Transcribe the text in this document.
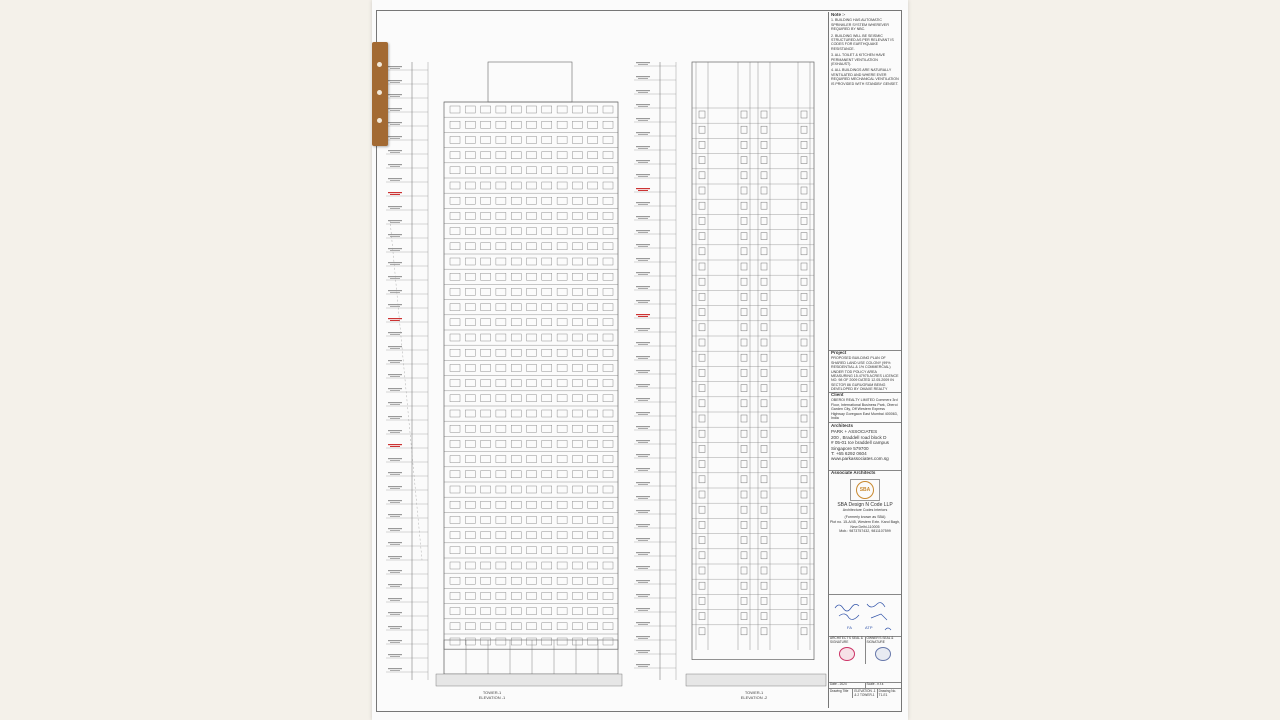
TOWER-1
ELEVATION -1
TOWER-1
ELEVATION -2
Note :-
1. BUILDING HAS AUTOMATIC SPRINKLER SYSTEM WHEREVER REQUIRED BY NBC.
2. BUILDING WILL BE SEISMIC STRUCTURED AS PER RELEVANT IS CODES FOR EARTHQUAKE RESISTANCE.
3. ALL TOILET & KITCHEN HAVE PERMANENT VENTILATION (EXHAUST).
4. ALL BUILDINGS ARE NATURALLY VENTILATED AND WHERE EVER REQUIRED MECHANICAL VENTILATION IS PROVIDED WITH STANDBY GENSET.
Project
PROPOSED BUILDING PLAN OF SHARED LAND USE COLONY (99% RESIDENTIAL & 1% COMMERCIAL) UNDER TOD POLICY AREA MEASURING 15.47975 ACRES LICENCE NO. 98 OF 2009 DATED 12.05.2009 IN SECTOR 86 GURUGRAM BEING DEVELOPED BY OMAXE REALTY
Client
OBEROI REALTY LIMITED Commerz 3rd Floor, International Business Park, Oberoi Garden City, Off Western Express Highway Goregaon East Mumbai 400063, India
Architects
PARK + ASSOCIATES
200 , Braddell road block D
# 05-01 Ice braddell campus
Singapore 579700
T: +65 6292 0604
www.parkassociates.com.sg
Associate Architects
SBA
SBA Design N Code LLP
Architecture Codes Interiors
(Formerly known as SBA)
Plot no. 15-A/45, Western Extn. Karol Bagh, New Delhi-110005
Mob.: 9873757432, 9811107599
FA	ATP
ARCHITECT'S SEAL & SIGNATURE
OWNER'S SEAL & SIGNATURE
Date - 2024	Scale - n.t.s
Drawing Title	ELEVATION -1 & 2 TOWER-1
Drawing No.
T1-E1
